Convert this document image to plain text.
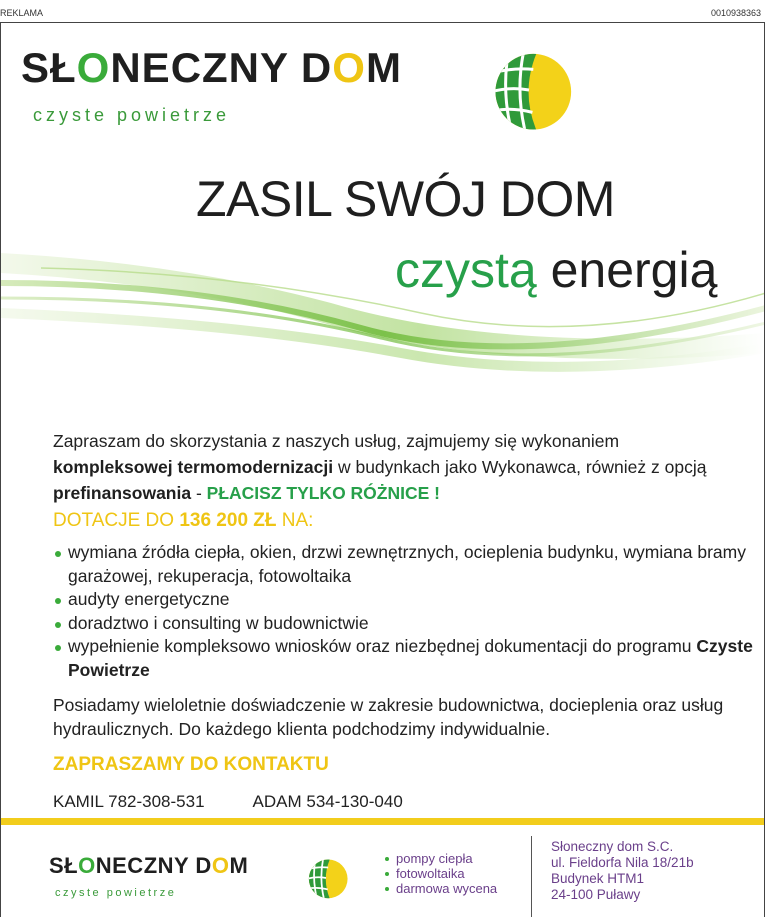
REKLAMA	0010938363
SŁONECZNY DOM
czyste powietrze
ZASIL SWÓJ DOM
czystą energią
Zapraszam do skorzystania z naszych usług, zajmujemy się wykonaniem kompleksowej termomodernizacji w budynkach jako Wykonawca, również z opcją prefinansowania - PŁACISZ TYLKO RÓŻNICE !
DOTACJE DO 136 200 ZŁ NA:
wymiana źródła ciepła, okien, drzwi zewnętrznych, ocieplenia budynku, wymiana bramy garażowej, rekuperacja, fotowoltaika
audyty energetyczne
doradztwo i consulting w budownictwie
wypełnienie kompleksowo wniosków oraz niezbędnej dokumentacji do programu Czyste Powietrze
Posiadamy wieloletnie doświadczenie w zakresie budownictwa, docieplenia oraz usług hydraulicznych. Do każdego klienta podchodzimy indywidualnie.
ZAPRASZAMY DO KONTAKTU
KAMIL 782-308-531	ADAM 534-130-040
SŁONECZNY DOM
czyste powietrze
pompy ciepła
fotowoltaika
darmowa wycena
Słoneczny dom S.C.
ul. Fieldorfa Nila 18/21b
Budynek HTM1
24-100 Puławy
